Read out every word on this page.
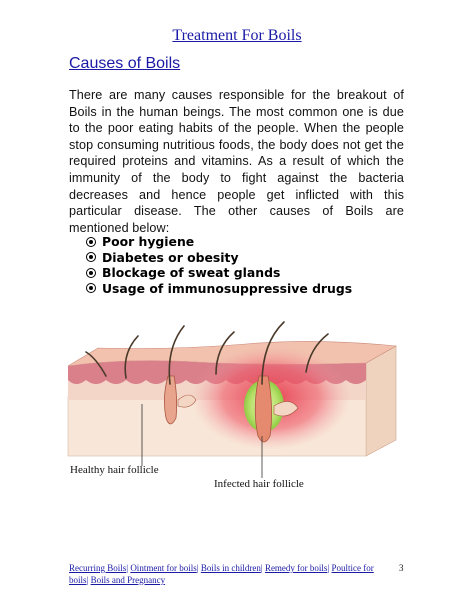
Treatment For Boils
Causes of Boils
There are many causes responsible for the breakout of Boils in the human beings. The most common one is due to the poor eating habits of the people. When the people stop consuming nutritious foods, the body does not get the required proteins and vitamins. As a result of which the immunity of the body to fight against the bacteria decreases and hence people get inflicted with this particular disease. The other causes of Boils are mentioned below:
Poor hygiene
Diabetes or obesity
Blockage of sweat glands
Usage of immunosuppressive drugs
Healthy hair follicle
Infected hair follicle
Recurring Boils| Ointment for boils| Boils in children| Remedy for boils| Poultice for boils| Boils and Pregnancy
3
